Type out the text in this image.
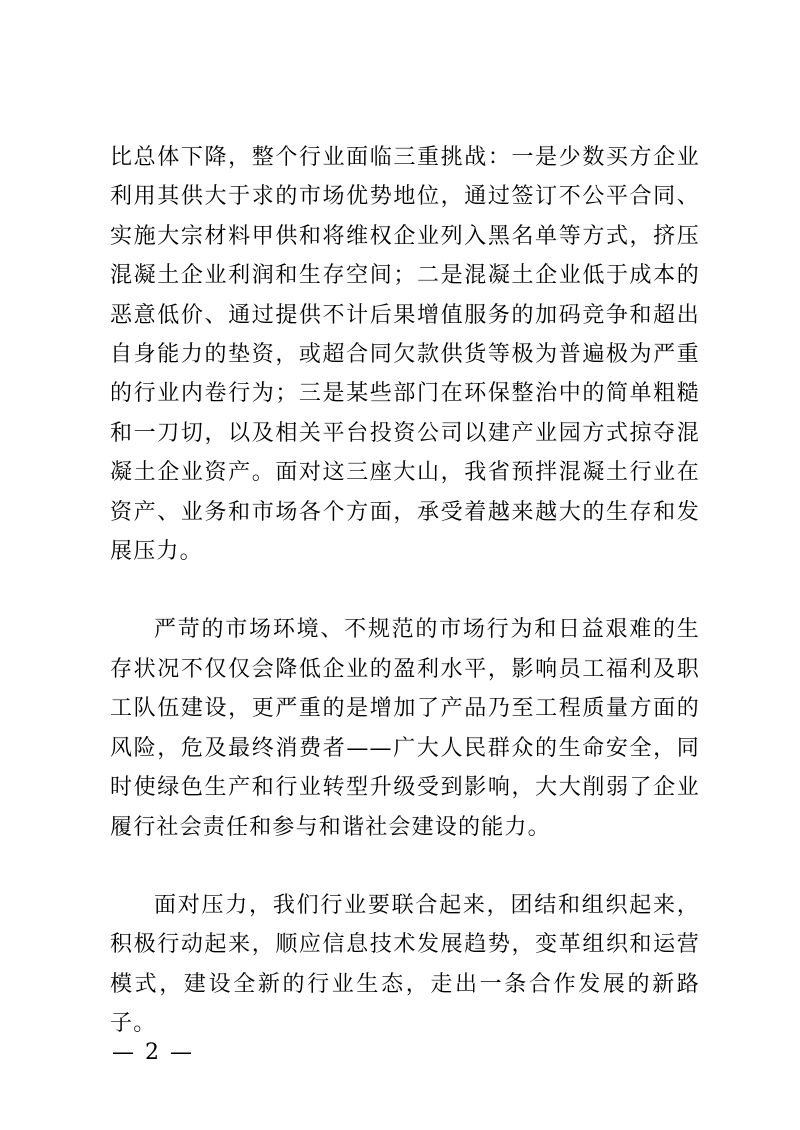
比总体下降，整个行业面临三重挑战：一是少数买方企业利用其供大于求的市场优势地位，通过签订不公平合同、实施大宗材料甲供和将维权企业列入黑名单等方式，挤压混凝土企业利润和生存空间；二是混凝土企业低于成本的恶意低价、通过提供不计后果增值服务的加码竞争和超出自身能力的垫资，或超合同欠款供货等极为普遍极为严重的行业内卷行为；三是某些部门在环保整治中的简单粗糙和一刀切，以及相关平台投资公司以建产业园方式掠夺混凝土企业资产。面对这三座大山，我省预拌混凝土行业在资产、业务和市场各个方面，承受着越来越大的生存和发展压力。

严苛的市场环境、不规范的市场行为和日益艰难的生存状况不仅仅会降低企业的盈利水平，影响员工福利及职工队伍建设，更严重的是增加了产品乃至工程质量方面的风险，危及最终消费者——广大人民群众的生命安全，同时使绿色生产和行业转型升级受到影响，大大削弱了企业履行社会责任和参与和谐社会建设的能力。

面对压力，我们行业要联合起来，团结和组织起来，积极行动起来，顺应信息技术发展趋势，变革组织和运营模式，建设全新的行业生态，走出一条合作发展的新路子。

— 2 —
